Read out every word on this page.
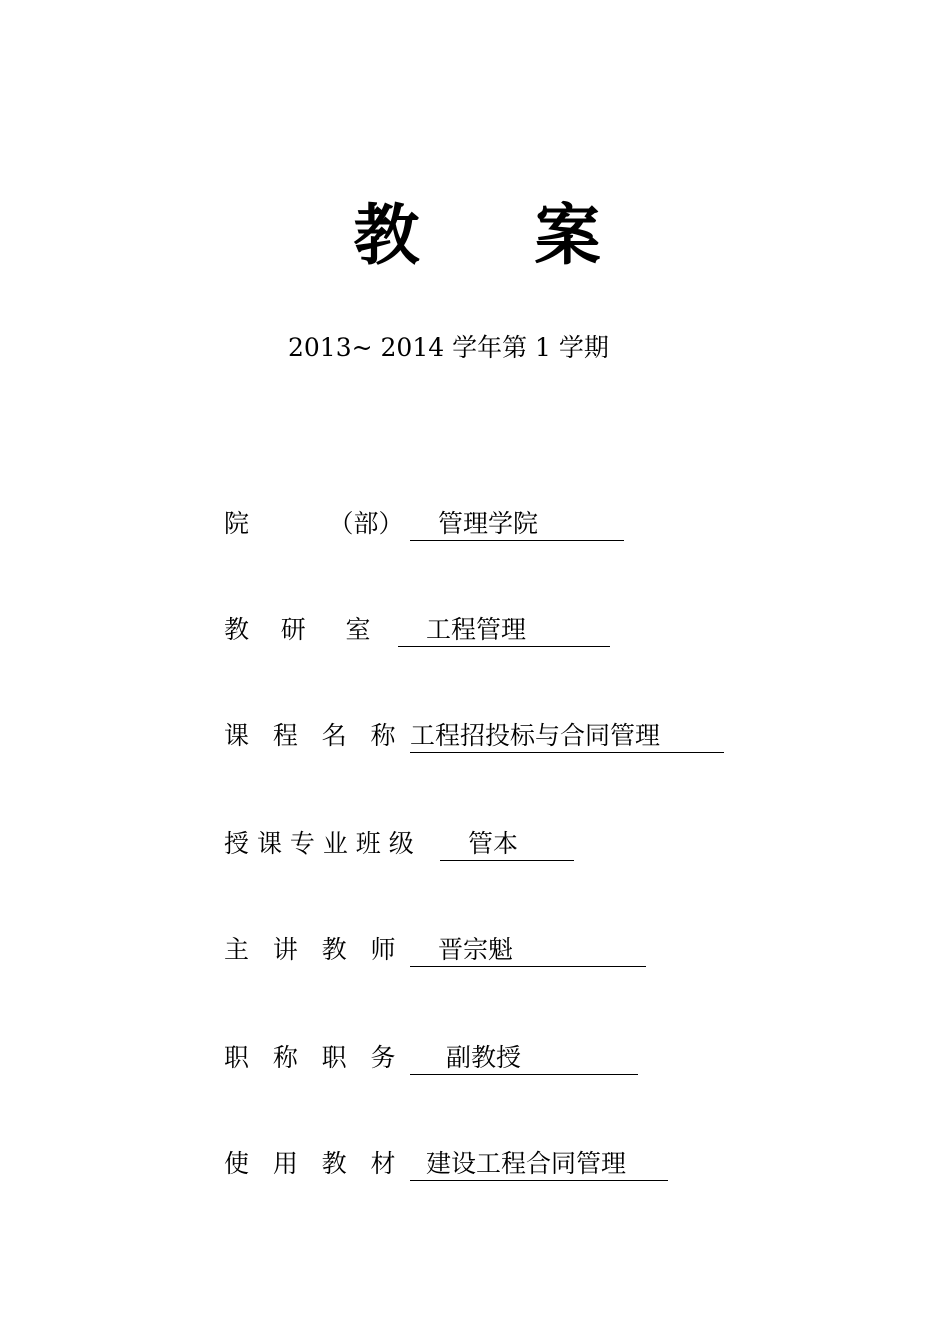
教 案
2013~ 2014 学年第 1 学期
院          （部）	管理学院
教    研     室	工程管理
课   程   名   称 工程招投标与合同管理
授 课 专 业 班 级	管本
主   讲   教   师	晋宗魁
职   称   职   务	副教授
使   用   教   材	建设工程合同管理
